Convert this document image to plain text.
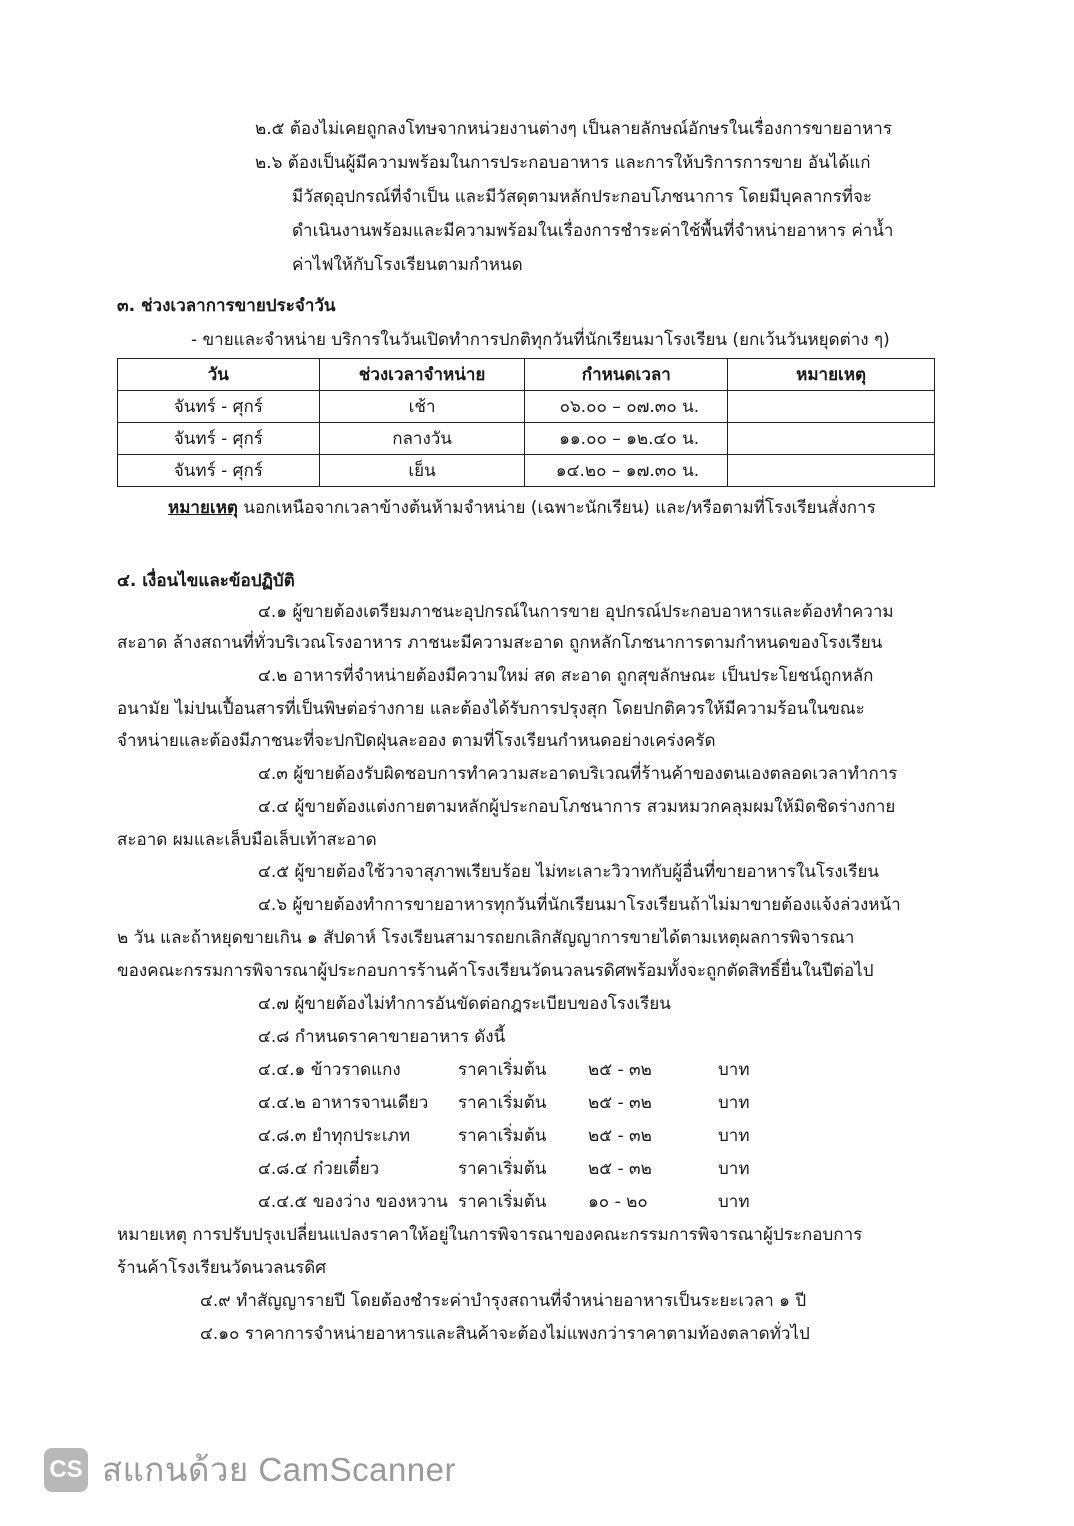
๒.๕ ต้องไม่เคยถูกลงโทษจากหน่วยงานต่างๆ เป็นลายลักษณ์อักษรในเรื่องการขายอาหาร
๒.๖ ต้องเป็นผู้มีความพร้อมในการประกอบอาหาร และการให้บริการการขาย อันได้แก่
มีวัสดุอุปกรณ์ที่จำเป็น และมีวัสดุตามหลักประกอบโภชนาการ โดยมีบุคลากรที่จะ
ดำเนินงานพร้อมและมีความพร้อมในเรื่องการชำระค่าใช้พื้นที่จำหน่ายอาหาร ค่าน้ำ
ค่าไฟให้กับโรงเรียนตามกำหนด
๓. ช่วงเวลาการขายประจำวัน
- ขายและจำหน่าย บริการในวันเปิดทำการปกติทุกวันที่นักเรียนมาโรงเรียน (ยกเว้นวันหยุดต่าง ๆ)
วัน	ช่วงเวลาจำหน่าย	กำหนดเวลา	หมายเหตุ
จันทร์ - ศุกร์	เช้า	๐๖.๐๐ – ๐๗.๓๐ น.	
จันทร์ - ศุกร์	กลางวัน	๑๑.๐๐ – ๑๒.๔๐ น.	
จันทร์ - ศุกร์	เย็น	๑๔.๒๐ – ๑๗.๓๐ น.	
หมายเหตุ นอกเหนือจากเวลาข้างต้นห้ามจำหน่าย (เฉพาะนักเรียน) และ/หรือตามที่โรงเรียนสั่งการ
๔. เงื่อนไขและข้อปฏิบัติ
๔.๑ ผู้ขายต้องเตรียมภาชนะอุปกรณ์ในการขาย อุปกรณ์ประกอบอาหารและต้องทำความ
สะอาด ล้างสถานที่ทั่วบริเวณโรงอาหาร ภาชนะมีความสะอาด ถูกหลักโภชนาการตามกำหนดของโรงเรียน
๔.๒ อาหารที่จำหน่ายต้องมีความใหม่ สด สะอาด ถูกสุขลักษณะ เป็นประโยชน์ถูกหลัก
อนามัย ไม่ปนเปื้อนสารที่เป็นพิษต่อร่างกาย และต้องได้รับการปรุงสุก โดยปกติควรให้มีความร้อนในขณะ
จำหน่ายและต้องมีภาชนะที่จะปกปิดฝุ่นละออง ตามที่โรงเรียนกำหนดอย่างเคร่งครัด
๔.๓ ผู้ขายต้องรับผิดชอบการทำความสะอาดบริเวณที่ร้านค้าของตนเองตลอดเวลาทำการ
๔.๔ ผู้ขายต้องแต่งกายตามหลักผู้ประกอบโภชนาการ สวมหมวกคลุมผมให้มิดชิดร่างกาย
สะอาด ผมและเล็บมือเล็บเท้าสะอาด
๔.๕ ผู้ขายต้องใช้วาจาสุภาพเรียบร้อย ไม่ทะเลาะวิวาทกับผู้อื่นที่ขายอาหารในโรงเรียน
๔.๖ ผู้ขายต้องทำการขายอาหารทุกวันที่นักเรียนมาโรงเรียนถ้าไม่มาขายต้องแจ้งล่วงหน้า
๒ วัน และถ้าหยุดขายเกิน ๑ สัปดาห์ โรงเรียนสามารถยกเลิกสัญญาการขายได้ตามเหตุผลการพิจารณา
ของคณะกรรมการพิจารณาผู้ประกอบการร้านค้าโรงเรียนวัดนวลนรดิศพร้อมทั้งจะถูกตัดสิทธิ์ยื่นในปีต่อไป
๔.๗ ผู้ขายต้องไม่ทำการอันขัดต่อกฎระเบียบของโรงเรียน
๔.๘ กำหนดราคาขายอาหาร ดังนี้
๔.๔.๑ ข้าวราดแกง	ราคาเริ่มต้น ๒๕ - ๓๒	บาท
๔.๔.๒ อาหารจานเดียว ราคาเริ่มต้น ๒๕ - ๓๒	บาท
๔.๘.๓ ยำทุกประเภท	ราคาเริ่มต้น ๒๕ - ๓๒	บาท
๔.๘.๔ ก๋วยเตี๋ยว	ราคาเริ่มต้น ๒๕ - ๓๒	บาท
๔.๔.๕ ของว่าง ของหวาน ราคาเริ่มต้น ๑๐ - ๒๐	บาท
หมายเหตุ การปรับปรุงเปลี่ยนแปลงราคาให้อยู่ในการพิจารณาของคณะกรรมการพิจารณาผู้ประกอบการ
ร้านค้าโรงเรียนวัดนวลนรดิศ
๔.๙ ทำสัญญารายปี โดยต้องชำระค่าบำรุงสถานที่จำหน่ายอาหารเป็นระยะเวลา ๑ ปี
๔.๑๐ ราคาการจำหน่ายอาหารและสินค้าจะต้องไม่แพงกว่าราคาตามท้องตลาดทั่วไป
CS สแกนด้วย CamScanner
